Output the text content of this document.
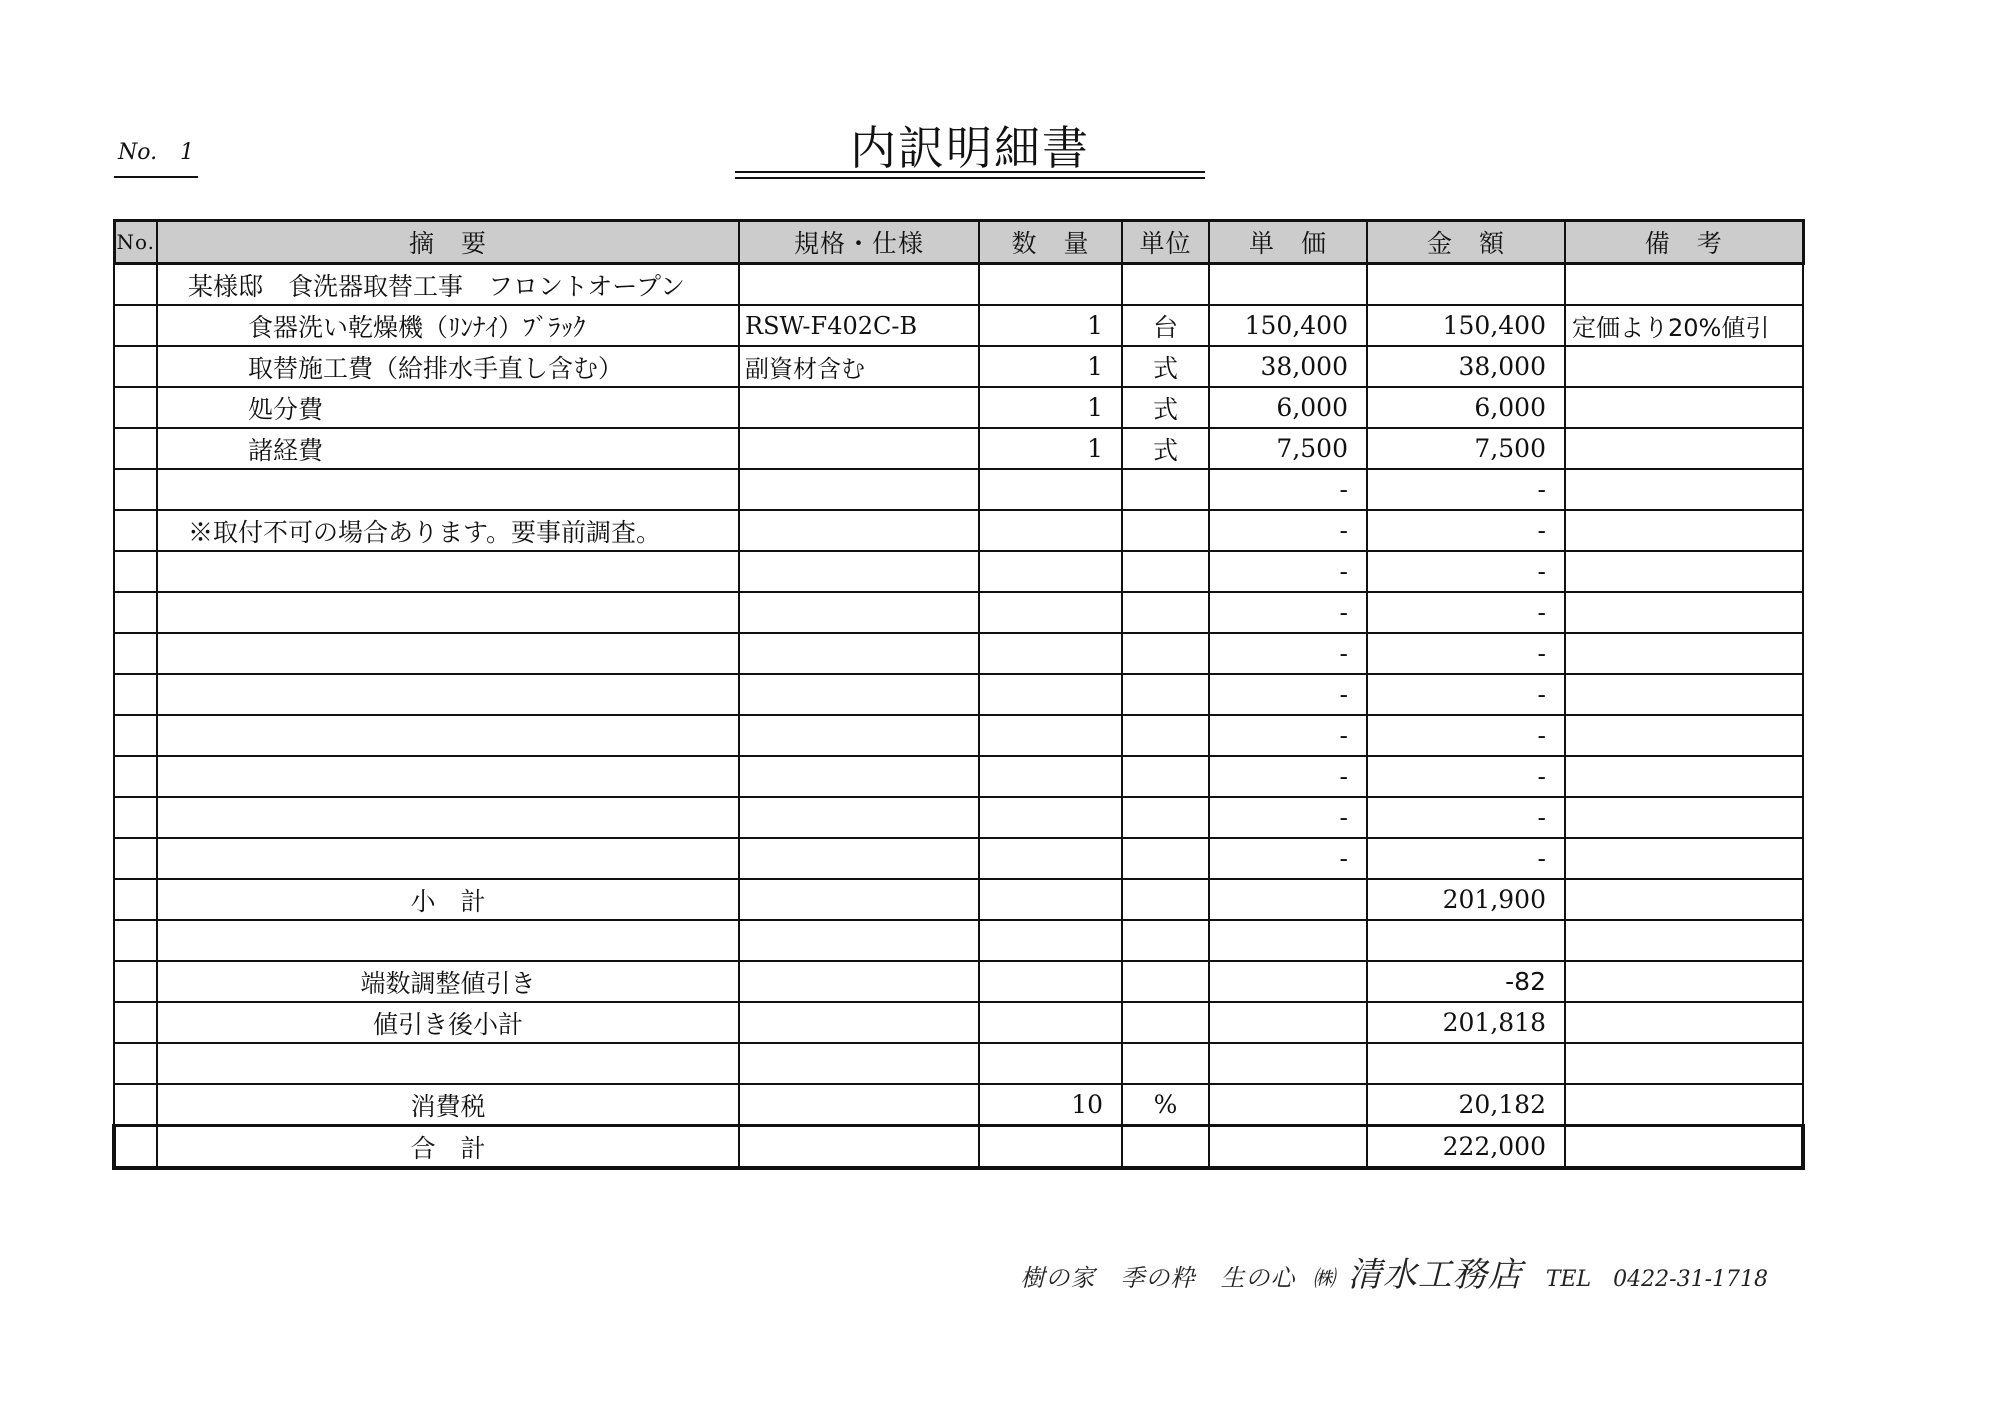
No. 1	内訳明細書
No.	摘　要	規格・仕様	数　量	単位	単　価	金　額	備　考
	某様邸　食洗器取替工事　フロントオープン						
	食器洗い乾燥機（ﾘﾝﾅｲ）ﾌﾞﾗｯｸ	RSW-F402C-B	1	台	150,400	150,400	定価より20%値引
	取替施工費（給排水手直し含む）	副資材含む	1	式	38,000	38,000	
	処分費		1	式	6,000	6,000	
	諸経費		1	式	7,500	7,500	
					-	-	
	※取付不可の場合あります。要事前調査。				-	-	
					-	-	
					-	-	
					-	-	
					-	-	
					-	-	
					-	-	
					-	-	
					-	-	
	小　計					201,900	

	端数調整値引き					-82	
	値引き後小計					201,818	

	消費税		10	%		20,182	
	合　計					222,000	
樹の家　季の粋　生の心 ㈱ 清水工務店 TEL　0422-31-1718
